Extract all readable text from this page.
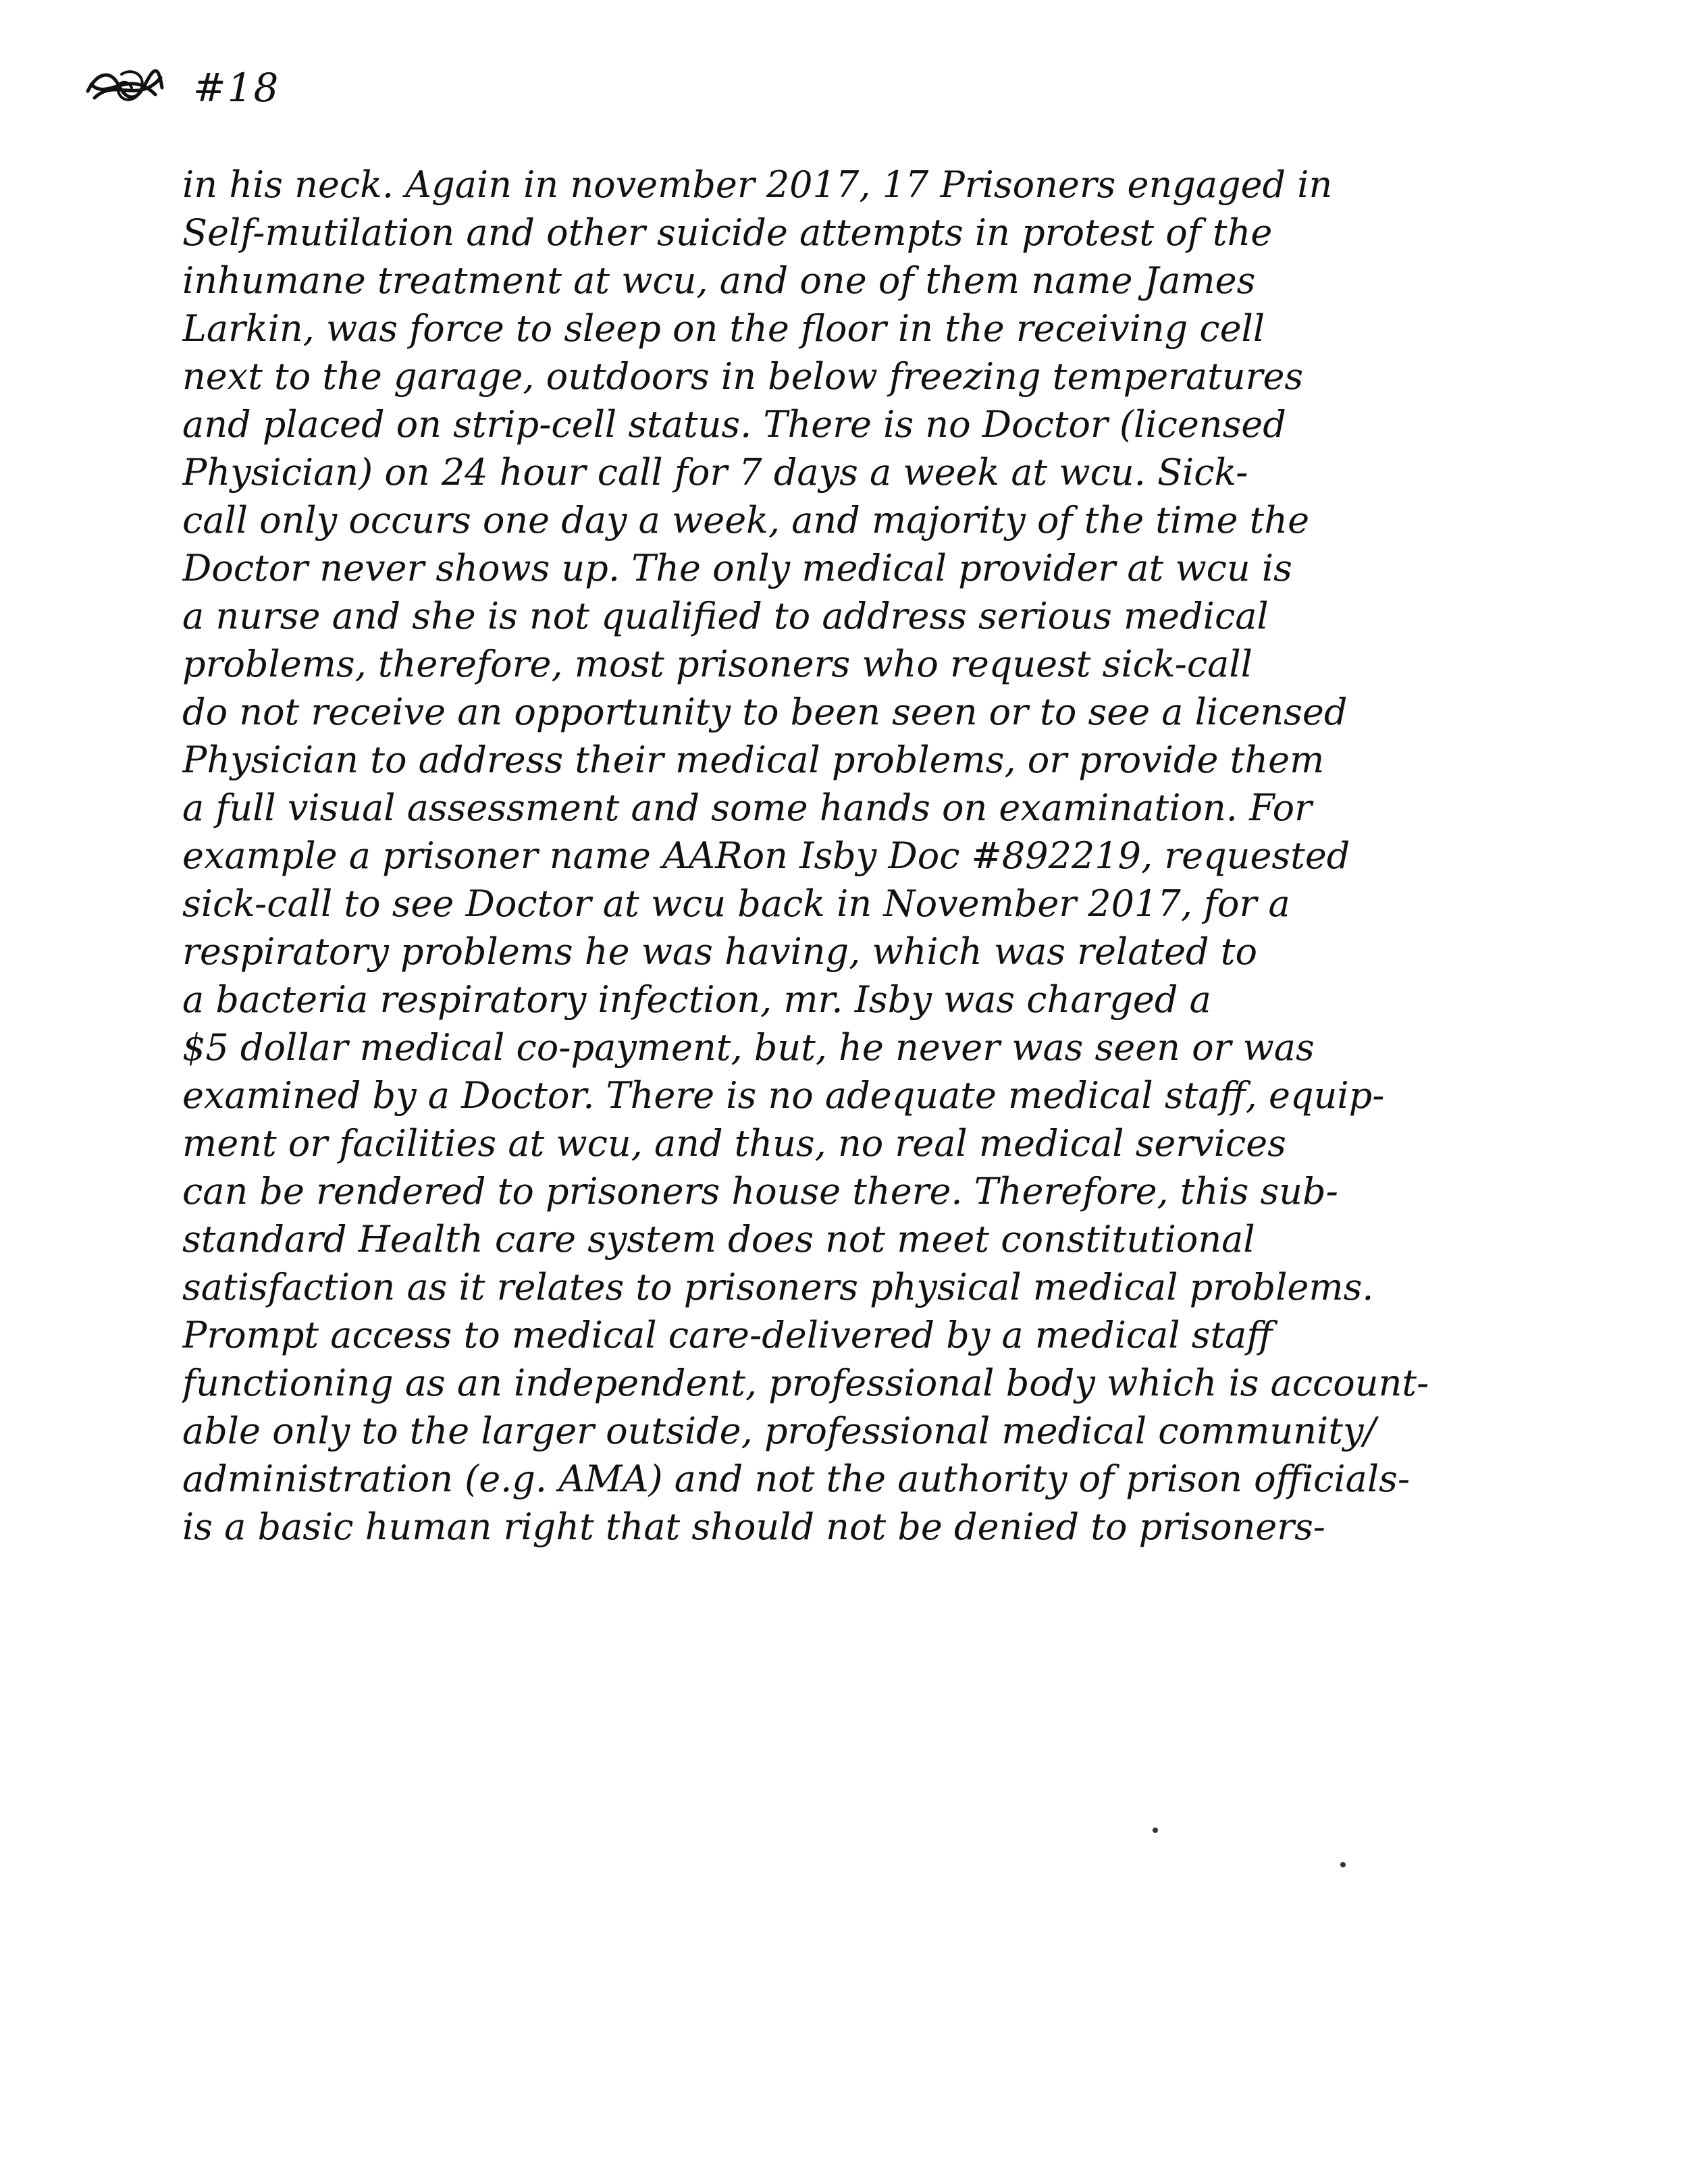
#18
in his neck. Again in november 2017, 17 Prisoners engaged in
Self-mutilation and other suicide attempts in protest of the
inhumane treatment at wcu, and one of them name James
Larkin, was force to sleep on the floor in the receiving cell
next to the garage, outdoors in below freezing temperatures
and placed on strip-cell status. There is no Doctor (licensed
Physician) on 24 hour call for 7 days a week at wcu. Sick-
call only occurs one day a week, and majority of the time the
Doctor never shows up. The only medical provider at wcu is
a nurse and she is not qualified to address serious medical
problems, therefore, most prisoners who request sick-call
do not receive an opportunity to been seen or to see a licensed
Physician to address their medical problems, or provide them
a full visual assessment and some hands on examination. For
example a prisoner name AARon Isby Doc #892219, requested
sick-call to see Doctor at wcu back in November 2017, for a
respiratory problems he was having, which was related to
a bacteria respiratory infection, mr. Isby was charged a
$5 dollar medical co-payment, but, he never was seen or was
examined by a Doctor. There is no adequate medical staff, equip-
ment or facilities at wcu, and thus, no real medical services
can be rendered to prisoners house there. Therefore, this sub-
standard Health care system does not meet constitutional
satisfaction as it relates to prisoners physical medical problems.
Prompt access to medical care-delivered by a medical staff
functioning as an independent, professional body which is account-
able only to the larger outside, professional medical community/
administration (e.g. AMA) and not the authority of prison officials-
is a basic human right that should not be denied to prisoners-
